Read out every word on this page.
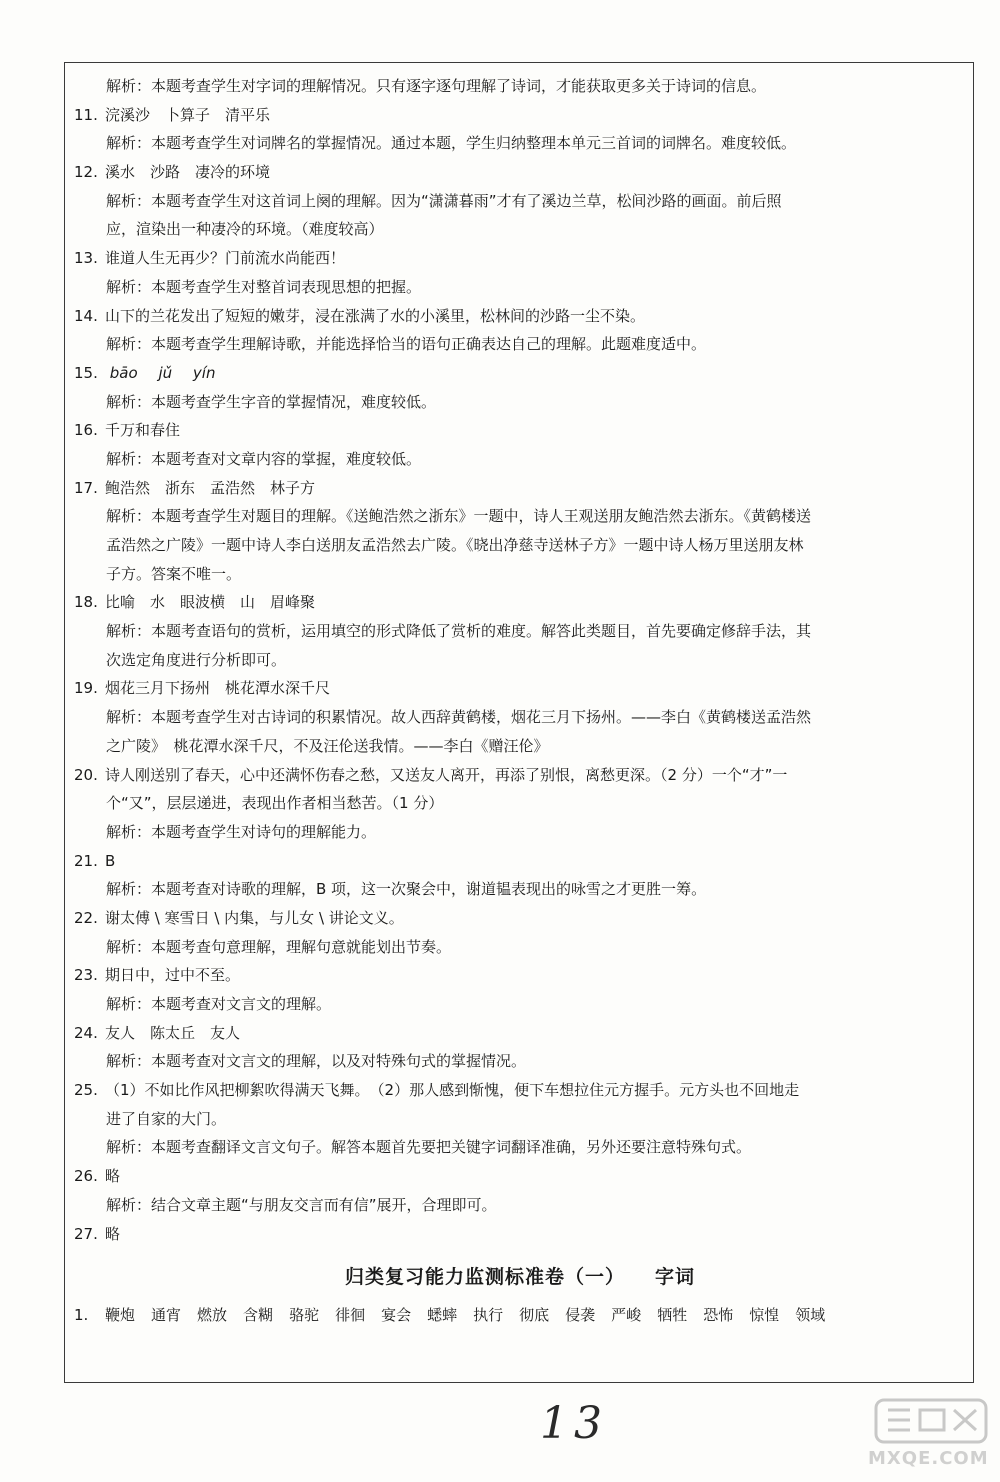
解析：本题考查学生对字词的理解情况。只有逐字逐句理解了诗词，才能获取更多关于诗词的信息。
11. 浣溪沙　卜算子　清平乐
解析：本题考查学生对词牌名的掌握情况。通过本题，学生归纳整理本单元三首词的词牌名。难度较低。
12. 溪水　沙路　凄冷的环境
解析：本题考查学生对这首词上阕的理解。因为“潇潇暮雨”才有了溪边兰草，松间沙路的画面。前后照
应，渲染出一种凄冷的环境。（难度较高）
13. 谁道人生无再少？门前流水尚能西！
解析：本题考查学生对整首词表现思想的把握。
14. 山下的兰花发出了短短的嫩芽，浸在涨满了水的小溪里，松林间的沙路一尘不染。
解析：本题考查学生理解诗歌，并能选择恰当的语句正确表达自己的理解。此题难度适中。
15. bāo jǔ yín
解析：本题考查学生字音的掌握情况，难度较低。
16. 千万和春住
解析：本题考查对文章内容的掌握，难度较低。
17. 鲍浩然　浙东　孟浩然　林子方
解析：本题考查学生对题目的理解。《送鲍浩然之浙东》一题中，诗人王观送朋友鲍浩然去浙东。《黄鹤楼送
孟浩然之广陵》一题中诗人李白送朋友孟浩然去广陵。《晓出净慈寺送林子方》一题中诗人杨万里送朋友林
子方。答案不唯一。
18. 比喻　水　眼波横　山　眉峰聚
解析：本题考查语句的赏析，运用填空的形式降低了赏析的难度。解答此类题目，首先要确定修辞手法，其
次选定角度进行分析即可。
19. 烟花三月下扬州　桃花潭水深千尺
解析：本题考查学生对古诗词的积累情况。故人西辞黄鹤楼，烟花三月下扬州。——李白《黄鹤楼送孟浩然
之广陵》　桃花潭水深千尺，不及汪伦送我情。——李白《赠汪伦》
20. 诗人刚送别了春天，心中还满怀伤春之愁，又送友人离开，再添了别恨，离愁更深。（2 分）一个“才”一
个“又”，层层递进，表现出作者相当愁苦。（1 分）
解析：本题考查学生对诗句的理解能力。
21. B
解析：本题考查对诗歌的理解，B 项，这一次聚会中，谢道韫表现出的咏雪之才更胜一筹。
22. 谢太傅 \ 寒雪日 \ 内集，与儿女 \ 讲论文义。
解析：本题考查句意理解，理解句意就能划出节奏。
23. 期日中，过中不至。
解析：本题考查对文言文的理解。
24. 友人　陈太丘　友人
解析：本题考查对文言文的理解，以及对特殊句式的掌握情况。
25. （1）不如比作风把柳絮吹得满天飞舞。　（2）那人感到惭愧，便下车想拉住元方握手。元方头也不回地走
进了自家的大门。
解析：本题考查翻译文言文句子。解答本题首先要把关键字词翻译准确，另外还要注意特殊句式。
26. 略
解析：结合文章主题“与朋友交言而有信”展开，合理即可。
27. 略
归类复习能力监测标准卷（一） 字词
1. 鞭炮 通宵 燃放 含糊 骆驼 徘徊 宴会 蟋蟀 执行 彻底 侵袭 严峻 牺牲 恐怖 惊惶 领域
13
MXQE.COM
